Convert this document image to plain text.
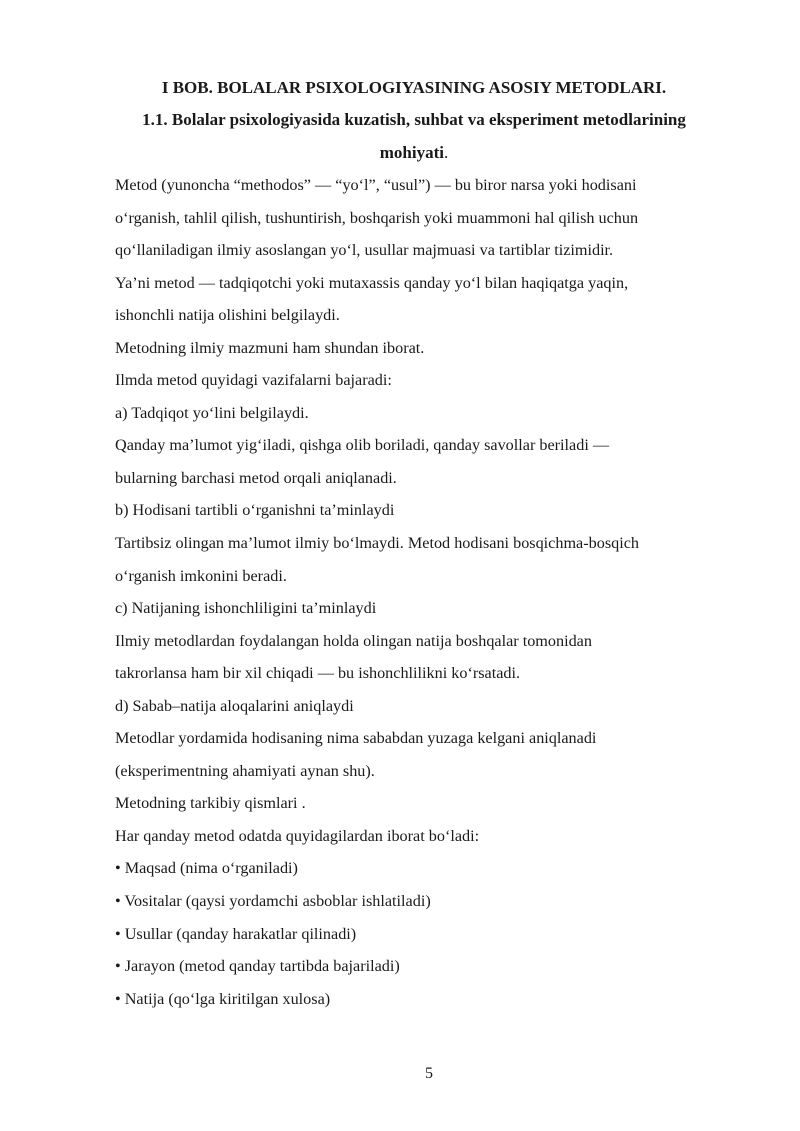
I BOB. BOLALAR PSIXOLOGIYASINING ASOSIY METODLARI.
1.1. Bolalar psixologiyasida kuzatish, suhbat va eksperiment metodlarining
mohiyati.
Metod (yunoncha “methodos” — “yo‘l”, “usul”) — bu biror narsa yoki hodisani
o‘rganish, tahlil qilish, tushuntirish, boshqarish yoki muammoni hal qilish uchun
qo‘llaniladigan ilmiy asoslangan yo‘l, usullar majmuasi va tartiblar tizimidir.
Ya’ni metod — tadqiqotchi yoki mutaxassis qanday yo‘l bilan haqiqatga yaqin,
ishonchli natija olishini belgilaydi.
Metodning ilmiy mazmuni ham shundan iborat.
Ilmda metod quyidagi vazifalarni bajaradi:
a) Tadqiqot yo‘lini belgilaydi.
Qanday ma’lumot yig‘iladi, qishga olib boriladi, qanday savollar beriladi —
bularning barchasi metod orqali aniqlanadi.
b) Hodisani tartibli o‘rganishni ta’minlaydi
Tartibsiz olingan ma’lumot ilmiy bo‘lmaydi. Metod hodisani bosqichma-bosqich
o‘rganish imkonini beradi.
c) Natijaning ishonchliligini ta’minlaydi
Ilmiy metodlardan foydalangan holda olingan natija boshqalar tomonidan
takrorlansa ham bir xil chiqadi — bu ishonchlilikni ko‘rsatadi.
d) Sabab–natija aloqalarini aniqlaydi
Metodlar yordamida hodisaning nima sababdan yuzaga kelgani aniqlanadi
(eksperimentning ahamiyati aynan shu).
Metodning tarkibiy qismlari .
Har qanday metod odatda quyidagilardan iborat bo‘ladi:
• Maqsad (nima o‘rganiladi)
• Vositalar (qaysi yordamchi asboblar ishlatiladi)
• Usullar (qanday harakatlar qilinadi)
• Jarayon (metod qanday tartibda bajariladi)
• Natija (qo‘lga kiritilgan xulosa)
5
